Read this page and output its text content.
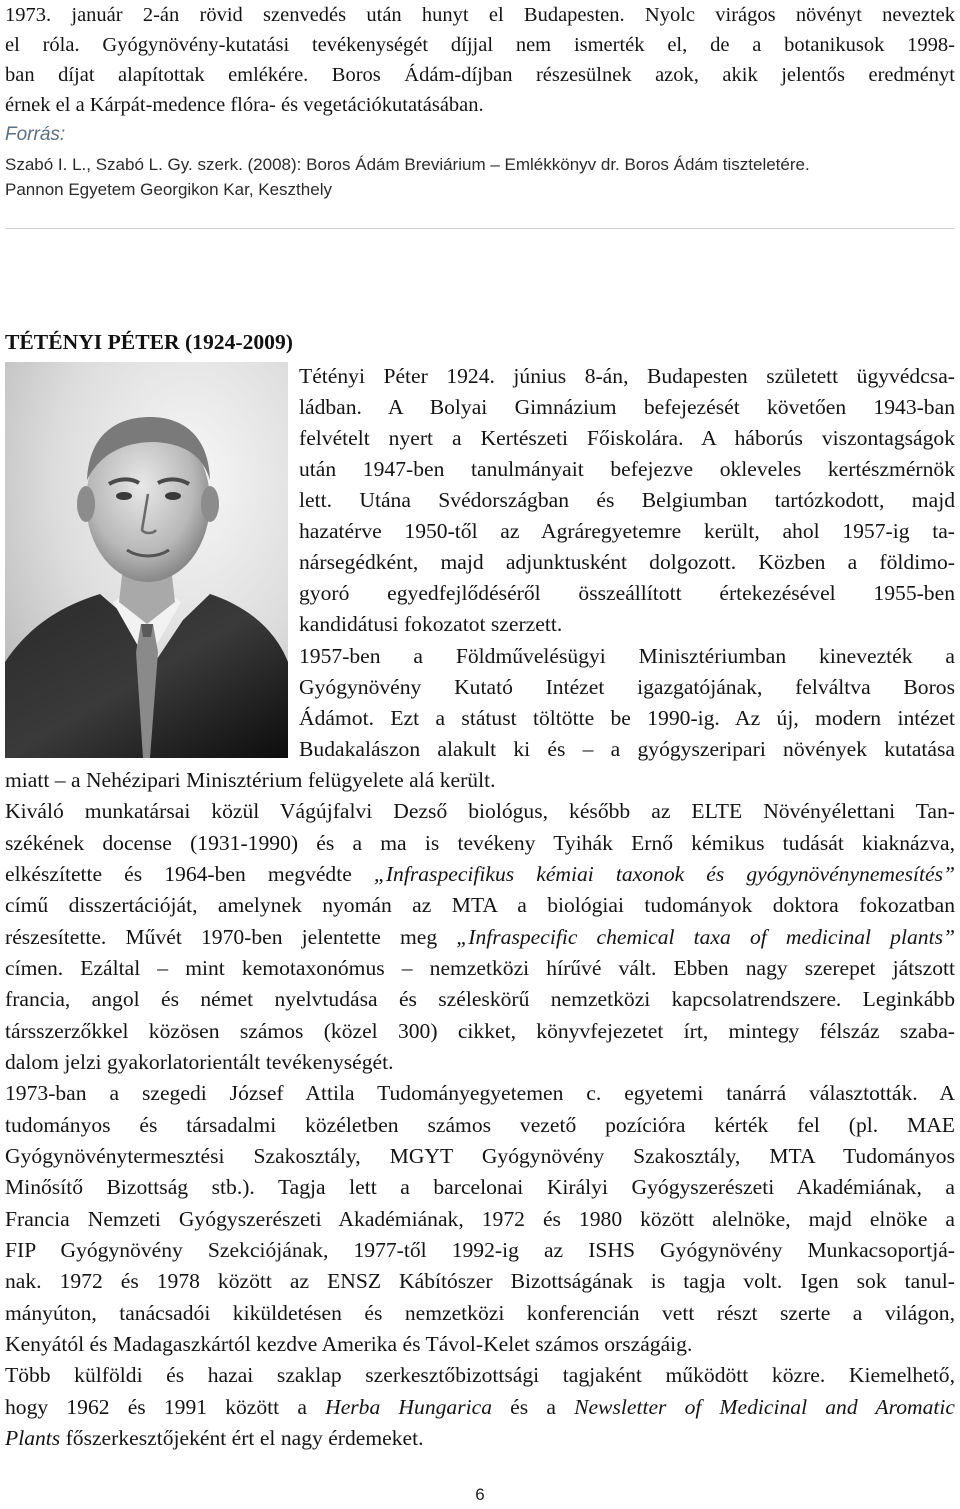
1973. január 2-án rövid szenvedés után hunyt el Budapesten. Nyolc virágos növényt neveztek
el róla. Gyógynövény-kutatási tevékenységét díjjal nem ismerték el, de a botanikusok 1998-
ban díjat alapítottak emlékére. Boros Ádám-díjban részesülnek azok, akik jelentős eredményt
érnek el a Kárpát-medence flóra- és vegetációkutatásában.
Forrás:
Szabó I. L., Szabó L. Gy. szerk. (2008): Boros Ádám Breviárium – Emlékkönyv dr. Boros Ádám tiszteletére.
Pannon Egyetem Georgikon Kar, Keszthely
TÉTÉNYI PÉTER (1924-2009)
Tétényi Péter 1924. június 8-án, Budapesten született ügyvédcsa-
ládban. A Bolyai Gimnázium befejezését követően 1943-ban
felvételt nyert a Kertészeti Főiskolára. A háborús viszontagságok
után 1947-ben tanulmányait befejezve okleveles kertészmérnök
lett. Utána Svédországban és Belgiumban tartózkodott, majd
hazatérve 1950-től az Agráregyetemre került, ahol 1957-ig ta-
nársegédként, majd adjunktusként dolgozott. Közben a földimo-
gyoró egyedfejlődéséről összeállított értekezésével 1955-ben
kandidátusi fokozatot szerzett.
1957-ben a Földművelésügyi Minisztériumban kinevezték a
Gyógynövény Kutató Intézet igazgatójának, felváltva Boros
Ádámot. Ezt a státust töltötte be 1990-ig. Az új, modern intézet
Budakalászon alakult ki és – a gyógyszeripari növények kutatása
miatt – a Nehézipari Minisztérium felügyelete alá került.
Kiváló munkatársai közül Vágújfalvi Dezső biológus, később az ELTE Növényélettani Tan-
székének docense (1931-1990) és a ma is tevékeny Tyihák Ernő kémikus tudását kiaknázva,
elkészítette és 1964-ben megvédte „Infraspecifikus kémiai taxonok és gyógynövénynemesítés”
című disszertációját, amelynek nyomán az MTA a biológiai tudományok doktora fokozatban
részesítette. Művét 1970-ben jelentette meg „Infraspecific chemical taxa of medicinal plants”
címen. Ezáltal – mint kemotaxonómus – nemzetközi hírűvé vált. Ebben nagy szerepet játszott
francia, angol és német nyelvtudása és széleskörű nemzetközi kapcsolatrendszere. Leginkább
társszerzőkkel közösen számos (közel 300) cikket, könyvfejezetet írt, mintegy félszáz szaba-
dalom jelzi gyakorlatorientált tevékenységét.
1973-ban a szegedi József Attila Tudományegyetemen c. egyetemi tanárrá választották. A
tudományos és társadalmi közéletben számos vezető pozícióra kérték fel (pl. MAE
Gyógynövénytermesztési Szakosztály, MGYT Gyógynövény Szakosztály, MTA Tudományos
Minősítő Bizottság stb.). Tagja lett a barcelonai Királyi Gyógyszerészeti Akadémiának, a
Francia Nemzeti Gyógyszerészeti Akadémiának, 1972 és 1980 között alelnöke, majd elnöke a
FIP Gyógynövény Szekciójának, 1977-től 1992-ig az ISHS Gyógynövény Munkacsoportjá-
nak. 1972 és 1978 között az ENSZ Kábítószer Bizottságának is tagja volt. Igen sok tanul-
mányúton, tanácsadói kiküldetésen és nemzetközi konferencián vett részt szerte a világon,
Kenyától és Madagaszkártól kezdve Amerika és Távol-Kelet számos országáig.
Több külföldi és hazai szaklap szerkesztőbizottsági tagjaként működött közre. Kiemelhető,
hogy 1962 és 1991 között a Herba Hungarica és a Newsletter of Medicinal and Aromatic
Plants főszerkesztőjeként ért el nagy érdemeket.
6
